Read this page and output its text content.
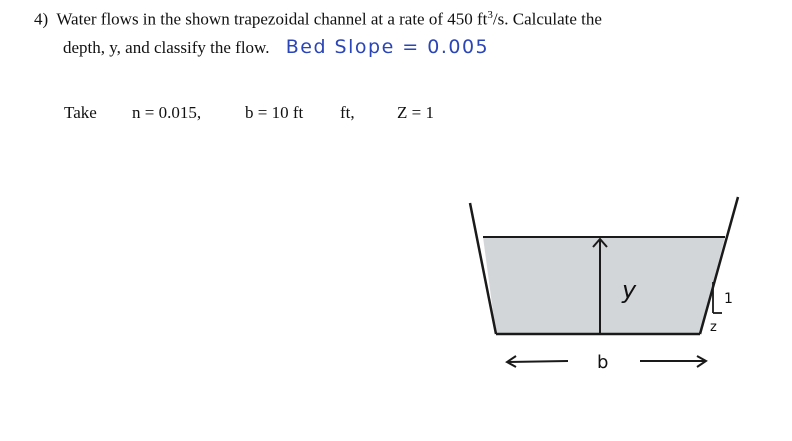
4) Water flows in the shown trapezoidal channel at a rate of 450 $ft^3/s$. Calculate the
depth, y, and classify the flow. Bed Slope = 0.005
Take n = 0.015,	b = 10 ft ft, Z = 1
y
b
1
z
